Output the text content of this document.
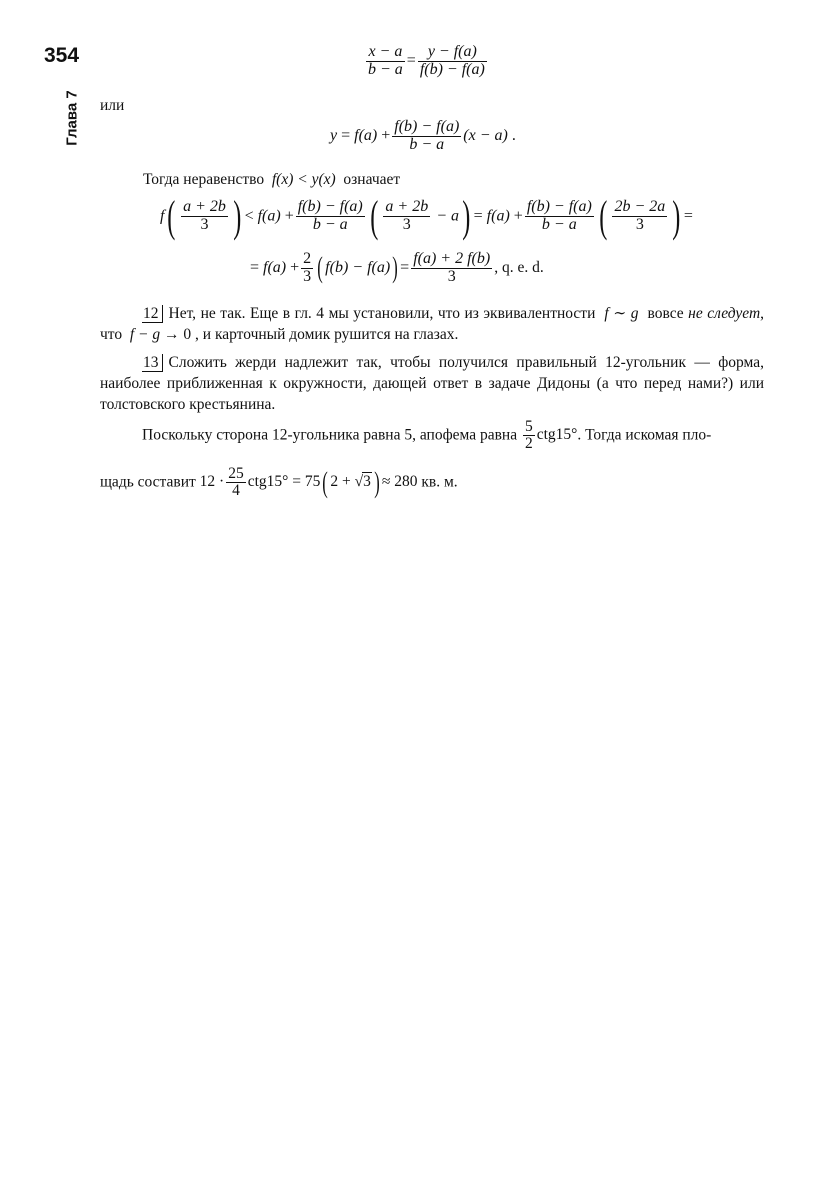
354
Глава 7
$\frac{x - a}{b - a} = \frac{y - f(a)}{f(b) - f(a)}$
или
$y = f(a) + \frac{f(b) - f(a)}{b - a} (x - a)$ .
Тогда неравенство  f(x) < y(x)  означает
$f( \frac{a + 2b}{3}$ ) < $f(a) + \frac{f(b) - f(a)}{b - a}$ ( $\frac{a + 2b}{3} - a) = f(a) + \frac{f(b) - f(a)}{b - a}$ ( $\frac{2b - 2a}{3}$ ) =
= $f(a) + \frac{2}{3}$ ( $f(b) - f(a)) = \frac{f(a) + 2 f(b)}{3}$ , q. e. d.
12 Нет, не так. Еще в гл. 4 мы установили, что из эквивалентности  f ∼ g  вовсе не следует, что  f − g → 0 , и карточный домик рушится на глазах.
13 Сложить жерди надлежит так, чтобы получился правильный 12-угольник — форма, наиболее приближенная к окружности, дающей ответ в задаче Дидоны (а что перед нами?) или толстовского крестьянина.
Поскольку сторона 12-угольника равна 5, апофема равна $\frac{5}{2} ctg15^\circ$. Тогда искомая пло-
щадь составит $12 \cdot \frac{25}{4} ctg15^\circ = 75$( 2 + √3 ) ≈ 280 кв. м.
